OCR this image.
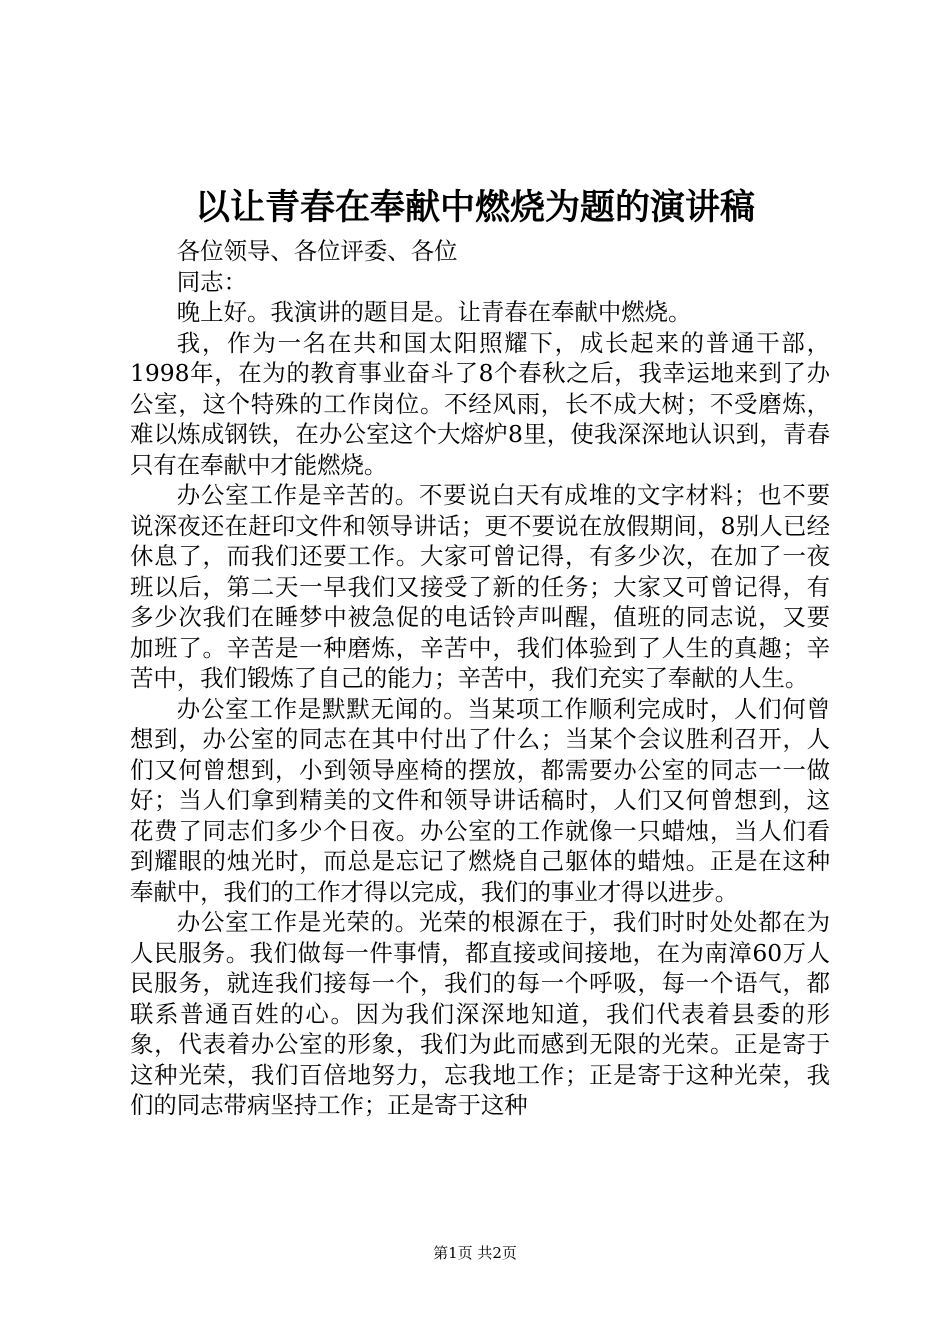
以让青春在奉献中燃烧为题的演讲稿

各位领导、各位评委、各位

同志：

晚上好。我演讲的题目是。让青春在奉献中燃烧。

我，作为一名在共和国太阳照耀下，成长起来的普通干部，1998年，在为的教育事业奋斗了8个春秋之后，我幸运地来到了办公室，这个特殊的工作岗位。不经风雨，长不成大树；不受磨炼，难以炼成钢铁，在办公室这个大熔炉8里，使我深深地认识到，青春只有在奉献中才能燃烧。

办公室工作是辛苦的。不要说白天有成堆的文字材料；也不要说深夜还在赶印文件和领导讲话；更不要说在放假期间，8别人已经休息了，而我们还要工作。大家可曾记得，有多少次，在加了一夜班以后，第二天一早我们又接受了新的任务；大家又可曾记得，有多少次我们在睡梦中被急促的电话铃声叫醒，值班的同志说，又要加班了。辛苦是一种磨炼，辛苦中，我们体验到了人生的真趣；辛苦中，我们锻炼了自己的能力；辛苦中，我们充实了奉献的人生。

办公室工作是默默无闻的。当某项工作顺利完成时，人们何曾想到，办公室的同志在其中付出了什么；当某个会议胜利召开，人们又何曾想到，小到领导座椅的摆放，都需要办公室的同志一一做好；当人们拿到精美的文件和领导讲话稿时，人们又何曾想到，这花费了同志们多少个日夜。办公室的工作就像一只蜡烛，当人们看到耀眼的烛光时，而总是忘记了燃烧自己躯体的蜡烛。正是在这种奉献中，我们的工作才得以完成，我们的事业才得以进步。

办公室工作是光荣的。光荣的根源在于，我们时时处处都在为人民服务。我们做每一件事情，都直接或间接地，在为南漳60万人民服务，就连我们接每一个，我们的每一个呼吸，每一个语气，都联系普通百姓的心。因为我们深深地知道，我们代表着县委的形象，代表着办公室的形象，我们为此而感到无限的光荣。正是寄于这种光荣，我们百倍地努力，忘我地工作；正是寄于这种光荣，我们的同志带病坚持工作；正是寄于这种

第1页 共2页
